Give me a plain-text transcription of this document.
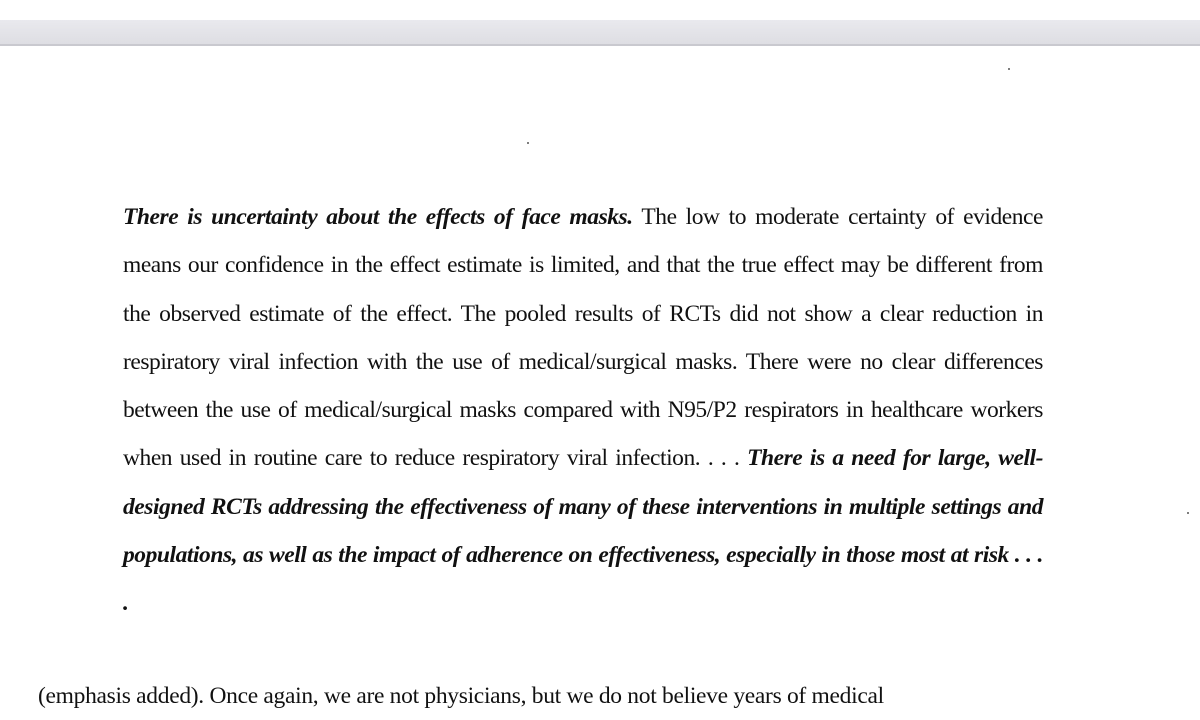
There is uncertainty about the effects of face masks. The low to moderate certainty of evidence means our confidence in the effect estimate is limited, and that the true effect may be different from the observed estimate of the effect. The pooled results of RCTs did not show a clear reduction in respiratory viral infection with the use of medical/surgical masks. There were no clear differences between the use of medical/surgical masks compared with N95/P2 respirators in healthcare workers when used in routine care to reduce respiratory viral infection. . . . There is a need for large, well-designed RCTs addressing the effectiveness of many of these interventions in multiple settings and populations, as well as the impact of adherence on effectiveness, especially in those most at risk . . . .

(emphasis added). Once again, we are not physicians, but we do not believe years of medical
